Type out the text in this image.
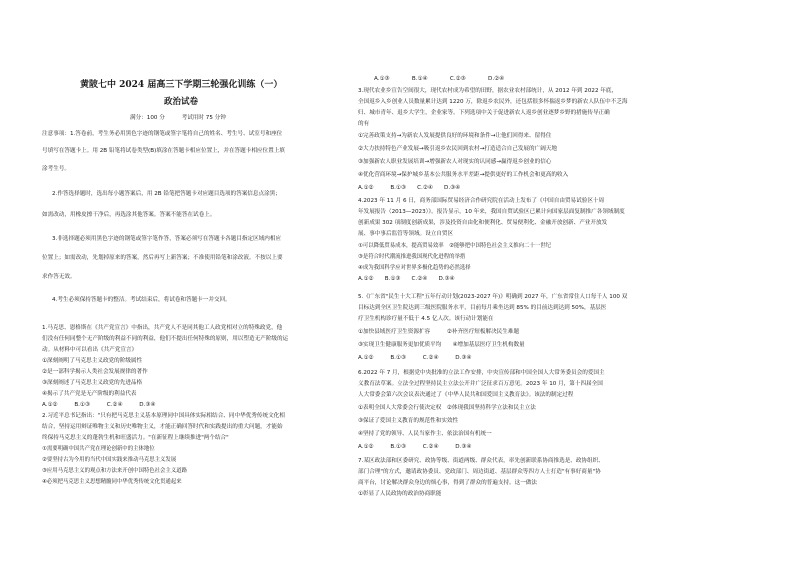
黄陂七中 2024 届高三下学期三轮强化训练（一）
政治试卷
满分：100 分　　　考试用时 75 分钟
注意事项：1.答卷前，考生务必用黑色字迹的钢笔或签字笔将自己的姓名、考生号、试室号和座位
号填写在答题卡上。用 2B 铅笔将试卷类型(B)填涂在答题卡相应位置上，并在答题卡相应位置上填
涂考生号。
2.作答选择题时，选出每小题答案后，用 2B 铅笔把答题卡对应题目选项的答案信息点涂黑；
如需改动，用橡皮擦干净后，再选涂其他答案。答案不能答在试卷上。
3.非选择题必须用黑色字迹的钢笔或签字笔作答，答案必须写在答题卡各题目指定区域内相应
位置上；如需改动，先划掉原来的答案，然后再写上新答案；不准使用铅笔和涂改液。不按以上要
求作答无效。
4.考生必须保持答题卡的整洁。考试结束后，将试卷和答题卡一并交回。
1.马克思、恩格斯在《共产党宣言》中指出，共产党人不是同其他工人政党相对立的特殊政党，他
们没有任何同整个无产阶级的利益不同的利益，他们不提出任何特殊的原则，用以塑造无产阶级的运
动。从材料中可以看出《共产党宣言》
①深刻阐明了马克思主义政党的阶级属性
②是一部科学揭示人类社会发展规律的著作
③深刻阐述了马克思主义政党的先进品格
④揭示了共产党是无产阶级的利益代表
A.①②　　　B.①③　　　C.②④　　　D.③④
2.习近平总书记指出："只有把马克思主义基本原理同中国具体实际相结合、同中华优秀传统文化相
结合，坚持运用辩证唯物主义和历史唯物主义，才能正确回答时代和实践提出的重大问题，才能始
终保持马克思主义的蓬勃生机和旺盛活力。"在新征程上继续推进"两个结合"
①需要明确中国共产党在理论创新中的主体地位
②要坚持古为今用的当代中国实践来推动马克思主义发展
③应用马克思主义的观点和方法来开创中国特色社会主义道路
④必须把马克思主义思想精髓同中华优秀传统文化贯通起来
A.①③　　　　B.①④　　　　C.②③　　　　D.②④
3.现代农业乡宣告空间很大，现代农村成为希望的田野，据农业农村部统计，从 2012 年到 2022 年底，
全国返乡入乡创业人员数量累计达到 1220 万，除返乡农民外，还包括很多怀揣返乡梦的新农人队伍中不乏海
归、城市青年、退乡大学生，企业家等。下列选项中关于促进新农人返乡创业逐梦乡野的措施传导正确
的有
①完善政策支持→为新农人发展提供良好的环境和条件→让他们回得来、留得住
②大力扶持特色产业发展→吸引返乡农民回到农村→打造适合自己发展的广阔天地
③加强新农人职业发展培训→增强新农人对现实的认同感→赢得返乡创业的信心
④优化营商环境→保护城乡基本公共服务水平差距→提供更好的工作机会和更高的收入
A.①②　　　B.①③　　C.②④　　D.③④
4.2023 年 11 月 6 日，商务部国际贸易经济合作研究院在活动上发布了《中国自由贸易试验区十周
年发展报告（2013—2023）》。报告显示，10 年来，我国自贸试验区已累计向国家层面复制推广各领域制度
创新成果 302 项制度创新成果，涉及投资自由化和便利化、贸易便利化、金融开放创新、产业开放发
展、事中事后监管等领域。设立自贸区
①可以降低贸易成本，提高贸易效率　②能够把中国特色社会主义推向二十一世纪
③是符合时代潮流推进我国现代化进程的举措
④成为我国科学应对世界多极化趋势的必然选择
A.①②　　B.①③　　C.②④　　D.③④
5.《广东省"民生十大工程"五年行动计划(2023-2027 年)》明确到 2027 年，广东省常住人口每千人 100 双
目标达到全区卫生院达到三级医院服务水平，目前每月乘坐达到 85% 的目前达到达到 50%，基层医
疗卫生机构诊疗量不低于 4.5 亿人次。该行动计划能在
①加快县域医疗卫生资源扩容　　　②补齐医疗短板解决民生难题
③实现卫生健康服务更加优质平均　　④增加基层医疗卫生机构数量
A.①②　　　B.①③　　　C.②④　　　D.③④
6.2022 年 7 月，根据党中央批准的立法工作安排，中央宣传部和中国全国人大常务委员会的爱国主
义教育法草案。立法全过程坚持民主立法公开并广泛征求百万意见。2023 年 10 月，第十四届全国
人大常委会第六次会议表决通过了《中华人民共和国爱国主义教育法》。该法的制定过程
①表明全国人大常委会行使决定权　②体现我国坚持科学立法和民主立法
③保证了爱国主义教育的规范性和实效性
④坚持了党的领导、人民当家作主、依法治国有机统一
A.①②　　　B.①③　　　C.②④　　　D.③④
7.某区政法部和区委研究、政协等级、街道两级、群众代表，率先创新联系协商推选是、政协组织、
部门合理"的方式，邀请政协委员、党政部门、周边街道、基层群众等四方人士打造"有事好商量"协
商平台，讨论解决群众身边的烦心事，得到了群众的普遍支持。这一做法
①彰显了人民政协的政治协商职能
